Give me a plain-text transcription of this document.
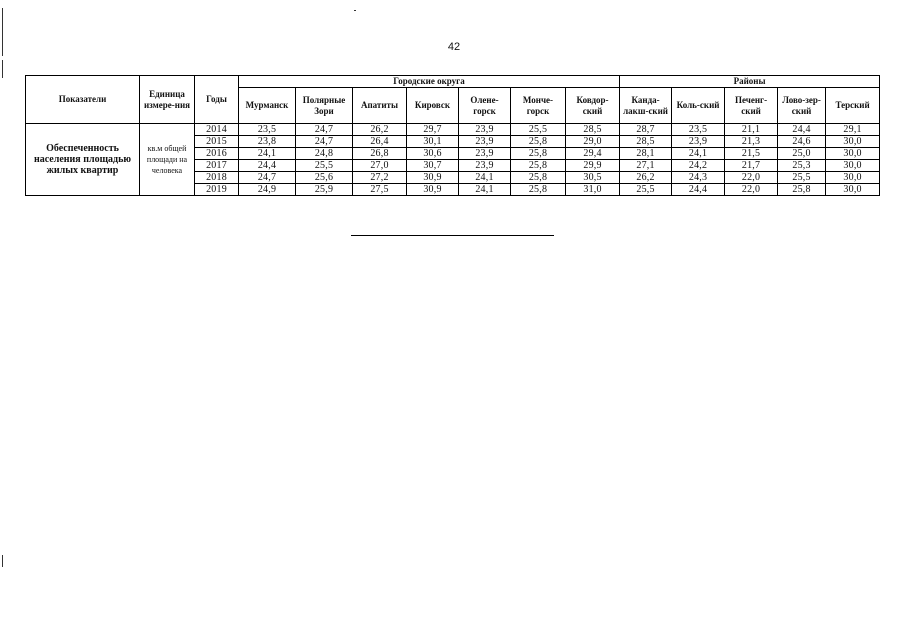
42
Показатели	Единица измере-ния	Годы	Городские округа							Районы				
			Мурманск	Полярные Зори	Апатиты	Кировск	Олене-горск	Монче-горск	Ковдор-ский	Канда-лакш-ский	Коль-ский	Печенг-ский	Лово-зер-ский	Терский
Обеспеченность населения площадью жилых квартир	кв.м общей площади на человека	2014	23,5	24,7	26,2	29,7	23,9	25,5	28,5	28,7	23,5	21,1	24,4	29,1
		2015	23,8	24,7	26,4	30,1	23,9	25,8	29,0	28,5	23,9	21,3	24,6	30,0
		2016	24,1	24,8	26,8	30,6	23,9	25,8	29,4	28,1	24,1	21,5	25,0	30,0
		2017	24,4	25,5	27,0	30,7	23,9	25,8	29,9	27,1	24,2	21,7	25,3	30,0
		2018	24,7	25,6	27,2	30,9	24,1	25,8	30,5	26,2	24,3	22,0	25,5	30,0
		2019	24,9	25,9	27,5	30,9	24,1	25,8	31,0	25,5	24,4	22,0	25,8	30,0
